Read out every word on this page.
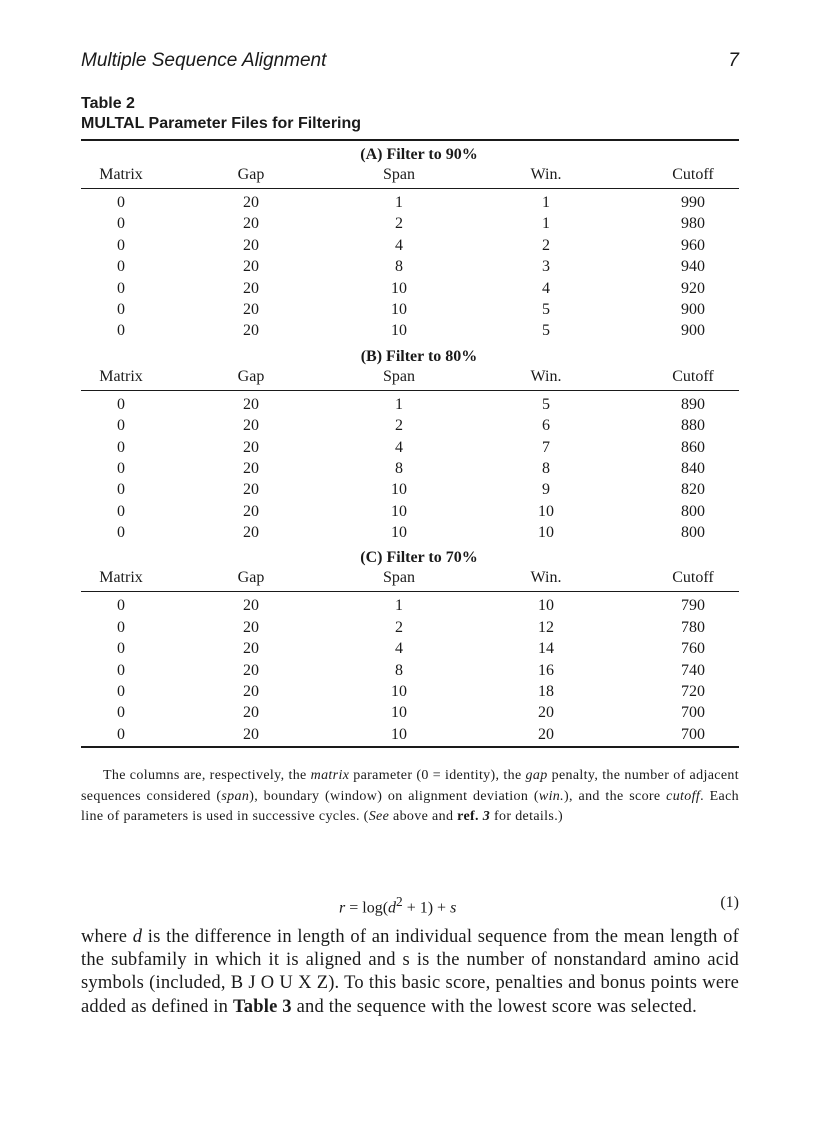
Multiple Sequence Alignment	7
Table 2
MULTAL Parameter Files for Filtering
(A) Filter to 90%
Matrix	Gap	Span	Win.	Cutoff
0	20	1	1	990
0	20	2	1	980
0	20	4	2	960
0	20	8	3	940
0	20	10	4	920
0	20	10	5	900
0	20	10	5	900
(B) Filter to 80%
Matrix	Gap	Span	Win.	Cutoff
0	20	1	5	890
0	20	2	6	880
0	20	4	7	860
0	20	8	8	840
0	20	10	9	820
0	20	10	10	800
0	20	10	10	800
(C) Filter to 70%
Matrix	Gap	Span	Win.	Cutoff
0	20	1	10	790
0	20	2	12	780
0	20	4	14	760
0	20	8	16	740
0	20	10	18	720
0	20	10	20	700
0	20	10	20	700
The columns are, respectively, the matrix parameter (0 = identity), the gap penalty, the number of adjacent sequences considered (span), boundary (window) on alignment deviation (win.), and the score cutoff. Each line of parameters is used in successive cycles. (See above and ref. 3 for details.)
$r = \log(d^2 + 1) + s$	(1)
where d is the difference in length of an individual sequence from the mean length of the subfamily in which it is aligned and s is the number of nonstandard amino acid symbols (included, B J O U X Z). To this basic score, penalties and bonus points were added as defined in Table 3 and the sequence with the lowest score was selected.
